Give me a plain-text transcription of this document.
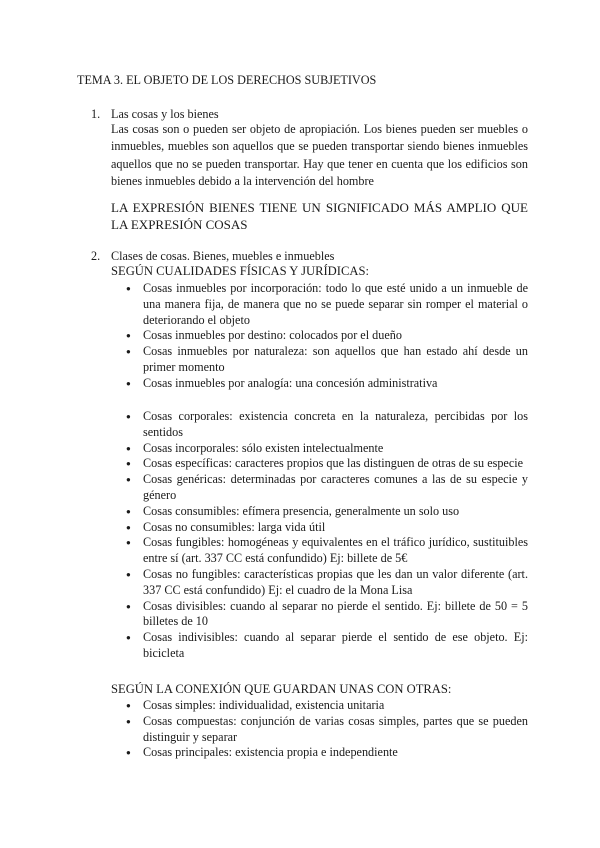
TEMA 3. EL OBJETO DE LOS DERECHOS SUBJETIVOS
1. Las cosas y los bienes
Las cosas son o pueden ser objeto de apropiación. Los bienes pueden ser muebles o inmuebles, muebles son aquellos que se pueden transportar siendo bienes inmuebles aquellos que no se pueden transportar. Hay que tener en cuenta que los edificios son bienes inmuebles debido a la intervención del hombre
LA EXPRESIÓN BIENES TIENE UN SIGNIFICADO MÁS AMPLIO QUE LA EXPRESIÓN COSAS
2. Clases de cosas. Bienes, muebles e inmuebles
SEGÚN CUALIDADES FÍSICAS Y JURÍDICAS:
● Cosas inmuebles por incorporación: todo lo que esté unido a un inmueble de una manera fija, de manera que no se puede separar sin romper el material o deteriorando el objeto
● Cosas inmuebles por destino: colocados por el dueño
● Cosas inmuebles por naturaleza: son aquellos que han estado ahí desde un primer momento
● Cosas inmuebles por analogía: una concesión administrativa
● Cosas corporales: existencia concreta en la naturaleza, percibidas por los sentidos
● Cosas incorporales: sólo existen intelectualmente
● Cosas específicas: caracteres propios que las distinguen de otras de su especie
● Cosas genéricas: determinadas por caracteres comunes a las de su especie y género
● Cosas consumibles: efímera presencia, generalmente un solo uso
● Cosas no consumibles: larga vida útil
● Cosas fungibles: homogéneas y equivalentes en el tráfico jurídico, sustituibles entre sí (art. 337 CC está confundido) Ej: billete de 5€
● Cosas no fungibles: características propias que les dan un valor diferente (art. 337 CC está confundido) Ej: el cuadro de la Mona Lisa
● Cosas divisibles: cuando al separar no pierde el sentido. Ej: billete de 50 = 5 billetes de 10
● Cosas indivisibles: cuando al separar pierde el sentido de ese objeto. Ej: bicicleta
SEGÚN LA CONEXIÓN QUE GUARDAN UNAS CON OTRAS:
● Cosas simples: individualidad, existencia unitaria
● Cosas compuestas: conjunción de varias cosas simples, partes que se pueden distinguir y separar
● Cosas principales: existencia propia e independiente
